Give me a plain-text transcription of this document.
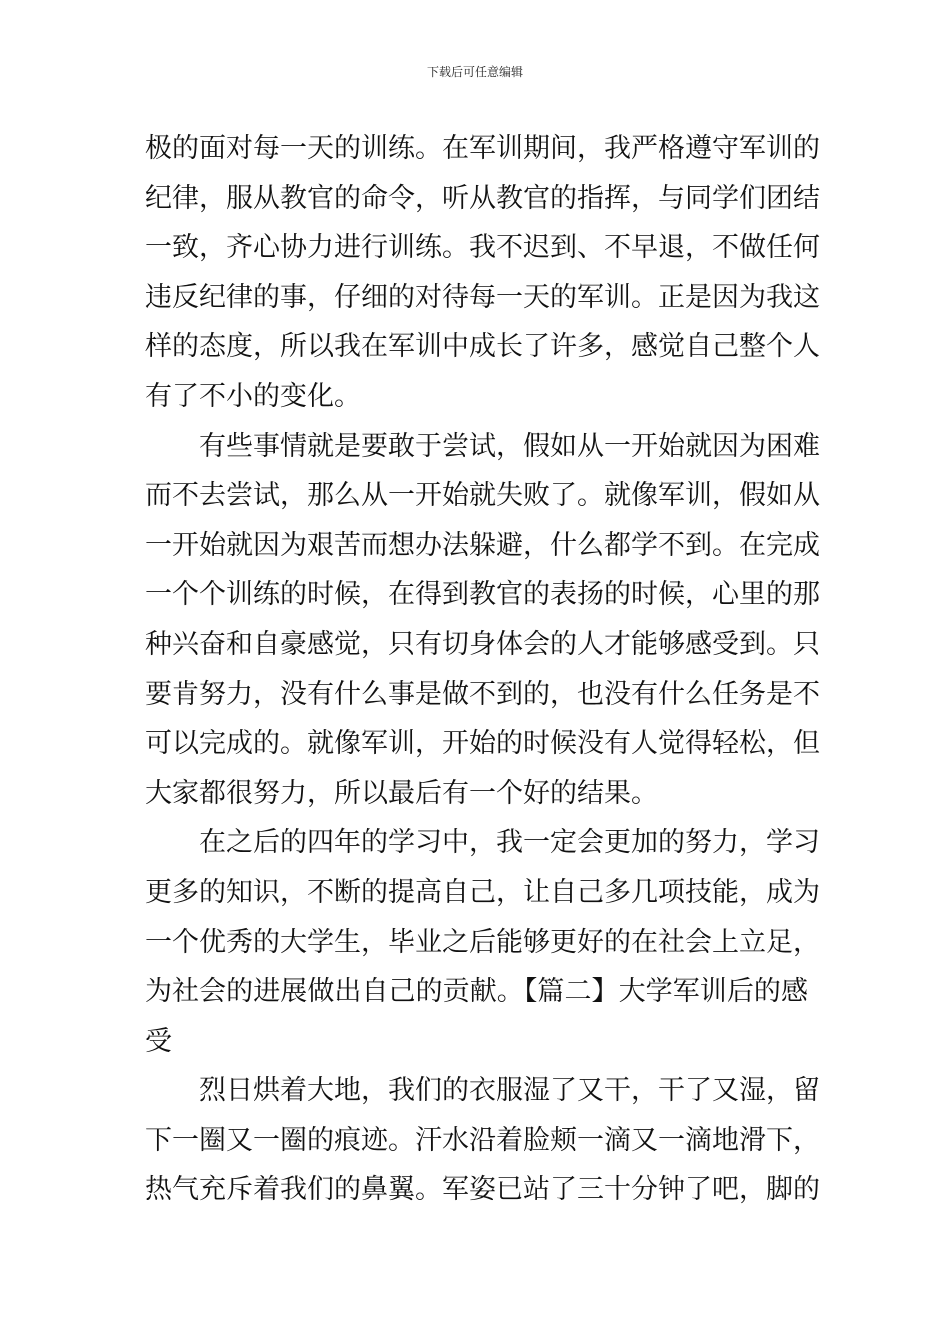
下载后可任意编辑
极的面对每一天的训练。在军训期间，我严格遵守军训的
纪律，服从教官的命令，听从教官的指挥，与同学们团结
一致，齐心协力进行训练。我不迟到、不早退，不做任何
违反纪律的事，仔细的对待每一天的军训。正是因为我这
样的态度，所以我在军训中成长了许多，感觉自己整个人
有了不小的变化。
有些事情就是要敢于尝试，假如从一开始就因为困难
而不去尝试，那么从一开始就失败了。就像军训，假如从
一开始就因为艰苦而想办法躲避，什么都学不到。在完成
一个个训练的时候，在得到教官的表扬的时候，心里的那
种兴奋和自豪感觉，只有切身体会的人才能够感受到。只
要肯努力，没有什么事是做不到的，也没有什么任务是不
可以完成的。就像军训，开始的时候没有人觉得轻松，但
大家都很努力，所以最后有一个好的结果。
在之后的四年的学习中，我一定会更加的努力，学习
更多的知识，不断的提高自己，让自己多几项技能，成为
一个优秀的大学生，毕业之后能够更好的在社会上立足，
为社会的进展做出自己的贡献。【篇二】大学军训后的感
受
烈日烘着大地，我们的衣服湿了又干，干了又湿，留
下一圈又一圈的痕迹。汗水沿着脸颊一滴又一滴地滑下，
热气充斥着我们的鼻翼。军姿已站了三十分钟了吧，脚的
